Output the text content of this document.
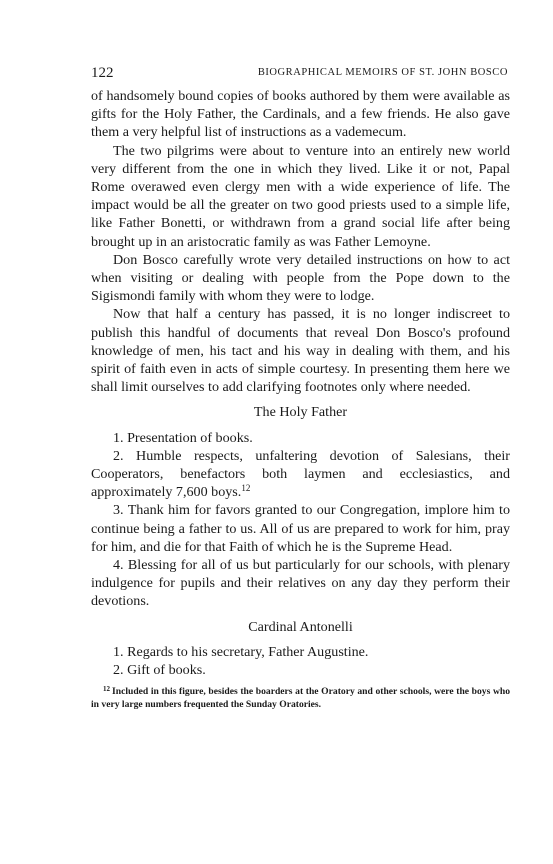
122	BIOGRAPHICAL MEMOIRS OF ST. JOHN BOSCO

of handsomely bound copies of books authored by them were available as gifts for the Holy Father, the Cardinals, and a few friends. He also gave them a very helpful list of instructions as a vademecum.

The two pilgrims were about to venture into an entirely new world very different from the one in which they lived. Like it or not, Papal Rome overawed even clergy men with a wide experience of life. The impact would be all the greater on two good priests used to a simple life, like Father Bonetti, or withdrawn from a grand social life after being brought up in an aristocratic family as was Father Lemoyne.

Don Bosco carefully wrote very detailed instructions on how to act when visiting or dealing with people from the Pope down to the Sigismondi family with whom they were to lodge.

Now that half a century has passed, it is no longer indiscreet to publish this handful of documents that reveal Don Bosco's profound knowledge of men, his tact and his way in dealing with them, and his spirit of faith even in acts of simple courtesy. In presenting them here we shall limit ourselves to add clarifying footnotes only where needed.

The Holy Father

1. Presentation of books.

2. Humble respects, unfaltering devotion of Salesians, their Cooperators, benefactors both laymen and ecclesiastics, and approximately 7,600 boys.$^{12}$

3. Thank him for favors granted to our Congregation, implore him to continue being a father to us. All of us are prepared to work for him, pray for him, and die for that Faith of which he is the Supreme Head.

4. Blessing for all of us but particularly for our schools, with plenary indulgence for pupils and their relatives on any day they perform their devotions.

Cardinal Antonelli

1. Regards to his secretary, Father Augustine.

2. Gift of books.

$^{12}$ Included in this figure, besides the boarders at the Oratory and other schools, were the boys who in very large numbers frequented the Sunday Oratories.
